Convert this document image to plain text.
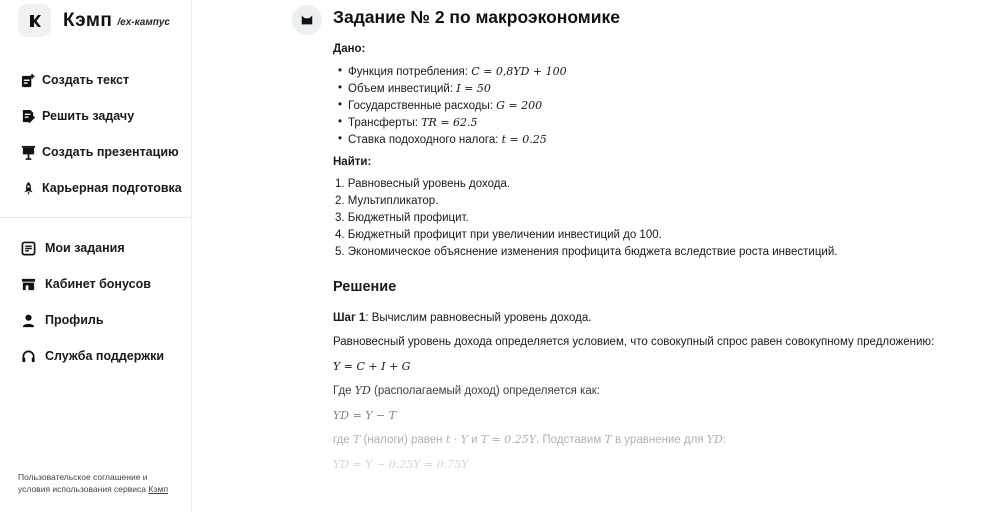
Кэмп /ex-кампус
Создать текст
Решить задачу
Создать презентацию
Карьерная подготовка
Мои задания
Кабинет бонусов
Профиль
Служба поддержки
Пользовательское соглашение и условия использования сервиса Кэмп
Задание № 2 по макроэкономике
Дано:
• Функция потребления: C = 0,8YD + 100
• Объем инвестиций: I = 50
• Государственные расходы: G = 200
• Трансферты: TR = 62.5
• Ставка подоходного налога: t = 0.25
Найти:
1. Равновесный уровень дохода.
2. Мультипликатор.
3. Бюджетный профицит.
4. Бюджетный профицит при увеличении инвестиций до 100.
5. Экономическое объяснение изменения профицита бюджета вследствие роста инвестиций.
Решение

Шаг 1: Вычислим равновесный уровень дохода.

Равновесный уровень дохода определяется условием, что совокупный спрос равен совокупному предложению:

Y = C + I + G

Где YD (располагаемый доход) определяется как:

YD = Y − T

где T (налоги) равен t · Y и T = 0.25Y. Подставим T в уравнение для YD:

YD = Y − 0.25Y = 0.75Y
